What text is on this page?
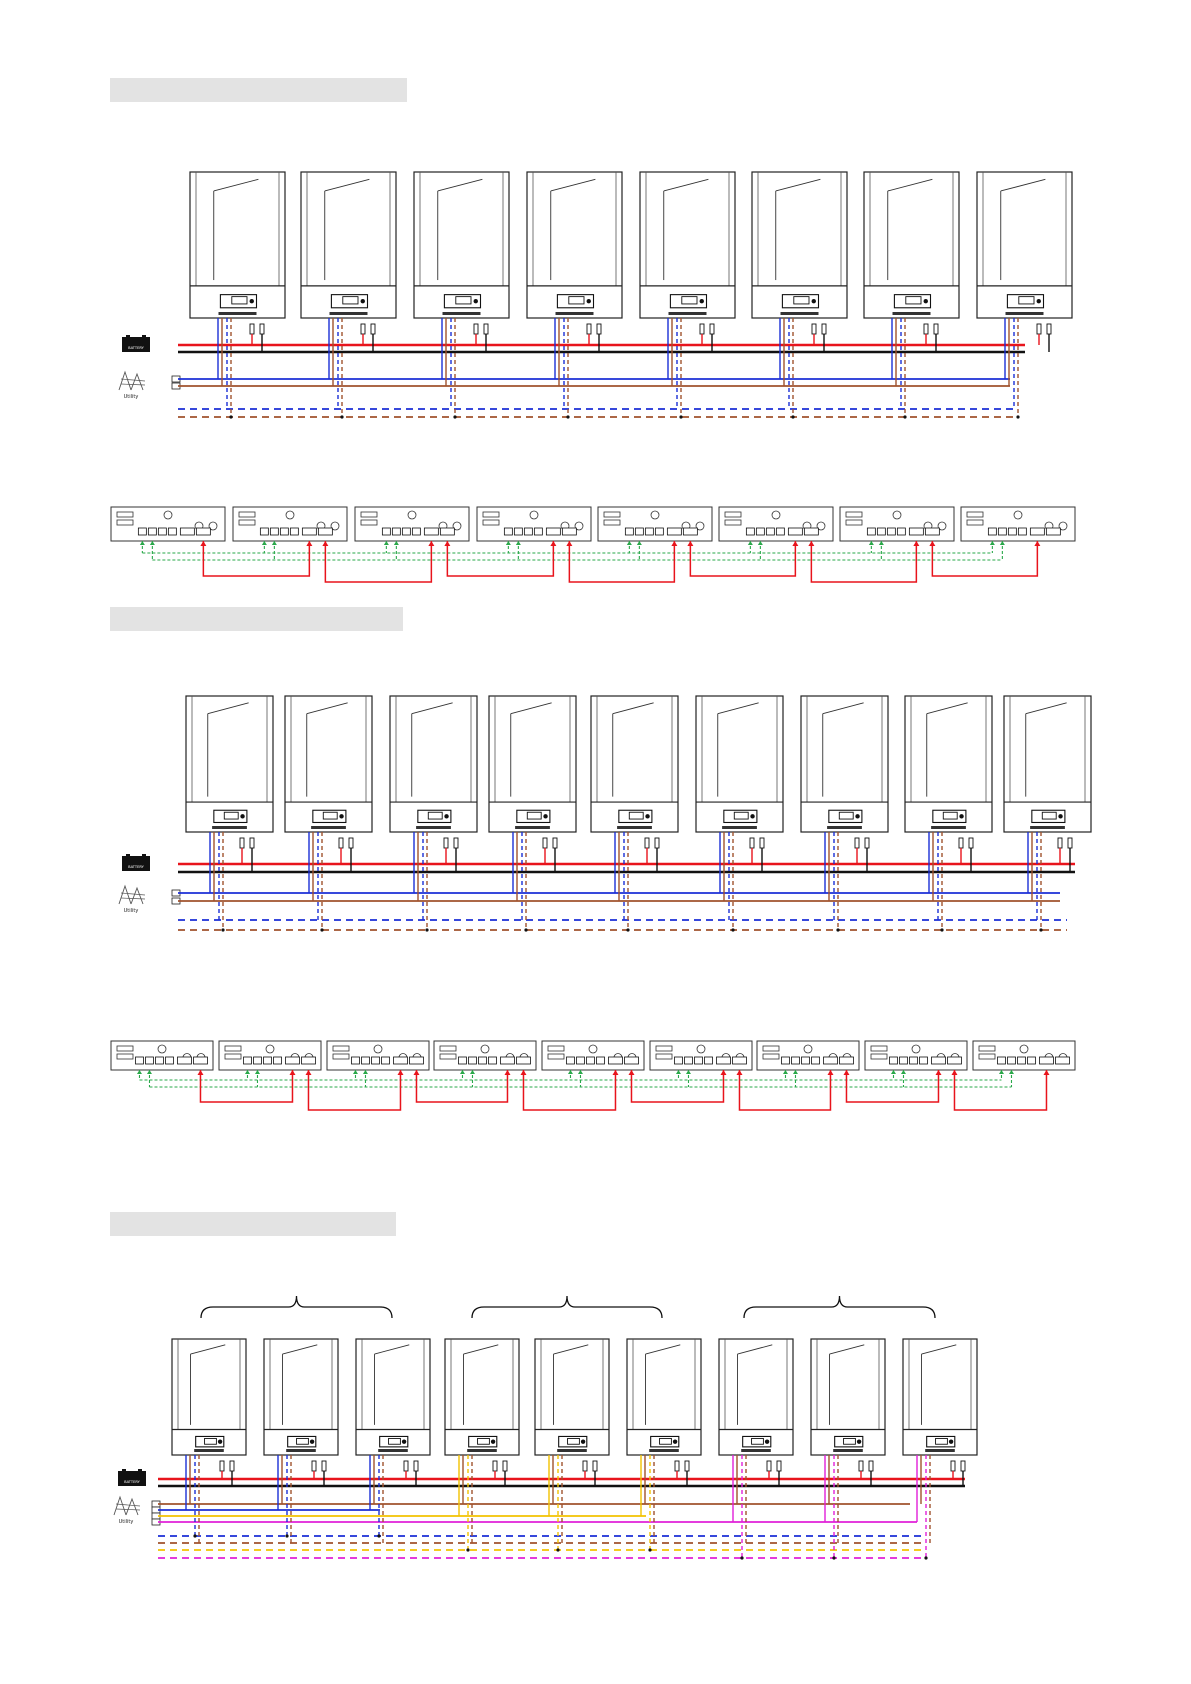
BATTERY
Utility
BATTERY
Utility
BATTERY
Utility
